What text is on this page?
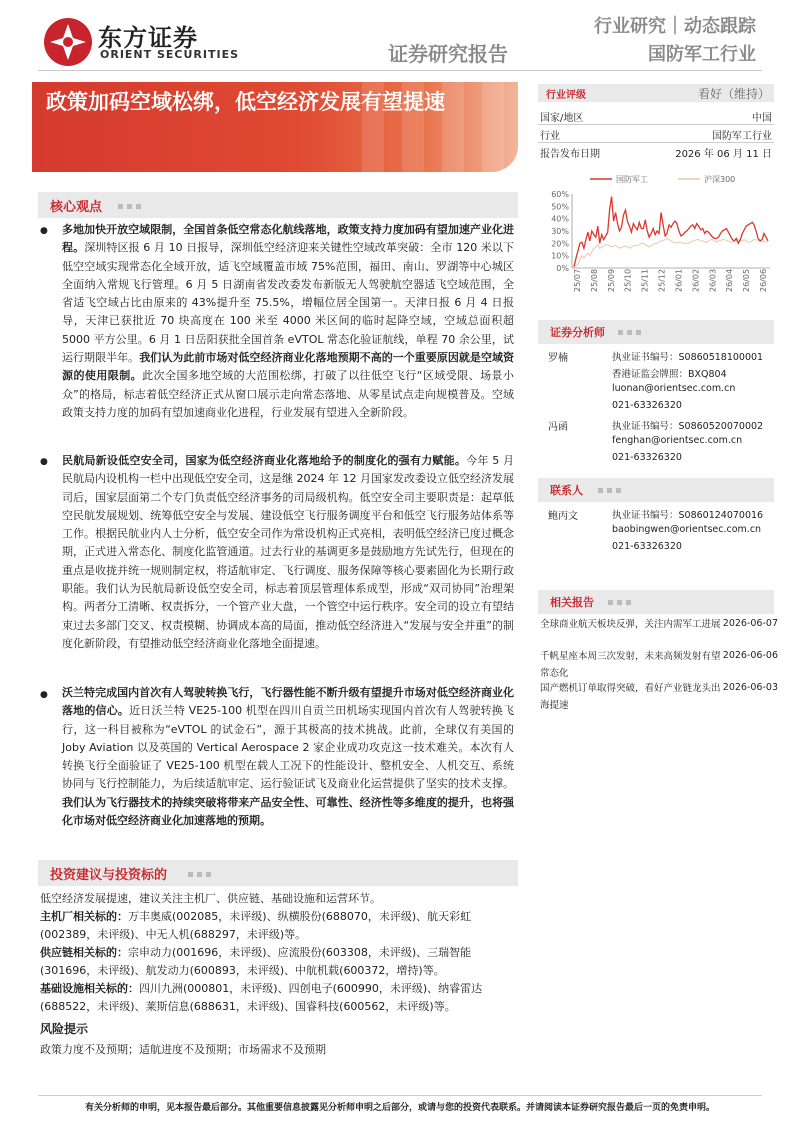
东方证券
ORIENT SECURITIES	证券研究报告
行业研究｜动态跟踪
国防军工行业
政策加码空域松绑，低空经济发展有望提速
核心观点
● 多地加快开放空域限制，全国首条低空常态化航线落地，政策支持力度加码有望加速产业化进程。深圳特区报 6 月 10 日报导，深圳低空经济迎来关键性空域改革突破：全市 120 米以下低空空域实现常态化全域开放，适飞空域覆盖市域 75%范围，福田、南山、罗湖等中心城区全面纳入常规飞行管理。6 月 5 日湖南省发改委发布新版无人驾驶航空器适飞空域范围，全省适飞空域占比由原来的 43%提升至 75.5%，增幅位居全国第一。天津日报 6 月 4 日报导，天津已获批近 70 块高度在 100 米至 4000 米区间的临时起降空域，空域总面积超 5000 平方公里。6 月 1 日岳阳获批全国首条 eVTOL 常态化验证航线，单程 70 余公里，试运行期限半年。我们认为此前市场对低空经济商业化落地预期不高的一个重要原因就是空域资源的使用限制。此次全国多地空域的大范围松绑，打破了以往低空飞行“区域受限、场景小众”的格局，标志着低空经济正式从窗口展示走向常态落地、从零星试点走向规模普及。空域政策支持力度的加码有望加速商业化进程，行业发展有望进入全新阶段。
● 民航局新设低空安全司，国家为低空经济商业化落地给予的制度化的强有力赋能。今年 5 月民航局内设机构一栏中出现低空安全司，这是继 2024 年 12 月国家发改委设立低空经济发展司后，国家层面第二个专门负责低空经济事务的司局级机构。低空安全司主要职责是：起草低空民航发展规划、统筹低空安全与发展、建设低空飞行服务调度平台和低空飞行服务站体系等工作。根据民航业内人士分析，低空安全司作为常设机构正式亮相，表明低空经济已度过概念期，正式进入常态化、制度化监管通道。过去行业的基调更多是鼓励地方先试先行，但现在的重点是收拢并统一规则制定权，将适航审定、飞行调度、服务保障等核心要素固化为长期行政职能。我们认为民航局新设低空安全司，标志着顶层管理体系成型，形成“双司协同”治理架构。两者分工清晰、权责拆分，一个管产业大盘，一个管空中运行秩序。安全司的设立有望结束过去多部门交叉、权责模糊、协调成本高的局面，推动低空经济进入“发展与安全并重”的制度化新阶段，有望推动低空经济商业化落地全面提速。
● 沃兰特完成国内首次有人驾驶转换飞行，飞行器性能不断升级有望提升市场对低空经济商业化落地的信心。近日沃兰特 VE25-100 机型在四川自贡兰田机场实现国内首次有人驾驶转换飞行，这一科目被称为“eVTOL 的试金石”，源于其极高的技术挑战。此前，全球仅有美国的 Joby Aviation 以及英国的 Vertical Aerospace 2 家企业成功攻克这一技术难关。本次有人转换飞行全面验证了 VE25-100 机型在载人工况下的性能设计、整机安全、人机交互、系统协同与飞行控制能力，为后续适航审定、运行验证试飞及商业化运营提供了坚实的技术支撑。我们认为飞行器技术的持续突破将带来产品安全性、可靠性、经济性等多维度的提升，也将强化市场对低空经济商业化加速落地的预期。
投资建议与投资标的
低空经济发展提速，建议关注主机厂、供应链、基础设施和运营环节。
主机厂相关标的：万丰奥威(002085，未评级)、纵横股份(688070，未评级)、航天彩虹(002389，未评级)、中无人机(688297，未评级)等。
供应链相关标的：宗申动力(001696，未评级)、应流股份(603308，未评级)、三瑞智能(301696，未评级)、航发动力(600893，未评级)、中航机载(600372，增持)等。
基础设施相关标的：四川九洲(000801，未评级)、四创电子(600990，未评级)、纳睿雷达(688522，未评级)、莱斯信息(688631，未评级)、国睿科技(600562，未评级)等。
风险提示
政策力度不及预期；适航进度不及预期；市场需求不及预期
行业评级	看好（维持）
国家/地区	中国
行业	国防军工行业
报告发布日期	2026 年 06 月 11 日
国防军工	沪深300
0%
10%
20%
30%
40%
50%
60%
25/07 25/08 25/09 25/10 25/11 25/12 26/01 26/02 26/03 26/04 26/05 26/06
证券分析师
罗楠	执业证书编号：S0860518100001
香港证监会牌照：BXQ804
luonan@orientsec.com.cn
021-63326320
冯函	执业证书编号：S0860520070002
fenghan@orientsec.com.cn
021-63326320
联系人
鲍丙文	执业证书编号：S0860124070016
baobingwen@orientsec.com.cn
021-63326320
相关报告
全球商业航天板块反弹，关注内需军工进展 2026-06-07
千帆星座本周三次发射，未来高频发射有望常态化
2026-06-06
国产燃机订单取得突破，看好产业链龙头出海提速
2026-06-03
有关分析师的申明，见本报告最后部分。其他重要信息披露见分析师申明之后部分，或请与您的投资代表联系。并请阅读本证券研究报告最后一页的免责申明。
